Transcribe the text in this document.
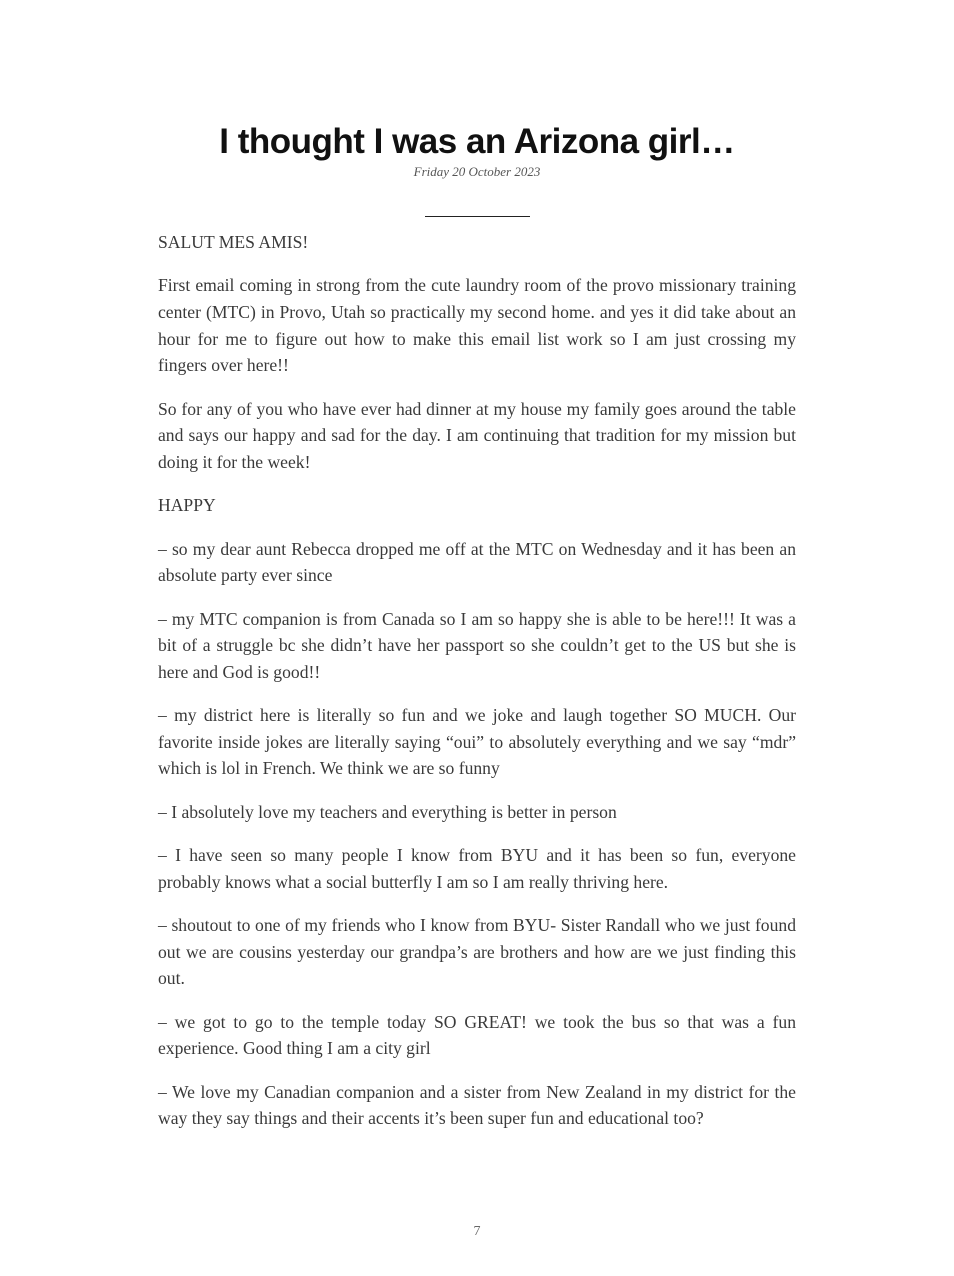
I thought I was an Arizona girl…
Friday 20 October 2023

SALUT MES AMIS!

First email coming in strong from the cute laundry room of the provo missionary training center (MTC) in Provo, Utah so practically my second home. and yes it did take about an hour for me to figure out how to make this email list work so I am just crossing my fingers over here!!

So for any of you who have ever had dinner at my house my family goes around the table and says our happy and sad for the day. I am continuing that tradition for my mission but doing it for the week!

HAPPY

– so my dear aunt Rebecca dropped me off at the MTC on Wednesday and it has been an absolute party ever since

– my MTC companion is from Canada so I am so happy she is able to be here!!! It was a bit of a struggle bc she didn’t have her passport so she couldn’t get to the US but she is here and God is good!!

– my district here is literally so fun and we joke and laugh together SO MUCH. Our favorite inside jokes are literally saying “oui” to absolutely everything and we say “mdr” which is lol in French. We think we are so funny

– I absolutely love my teachers and everything is better in person

– I have seen so many people I know from BYU and it has been so fun, everyone probably knows what a social butterfly I am so I am really thriving here.

– shoutout to one of my friends who I know from BYU- Sister Randall who we just found out we are cousins yesterday our grandpa’s are brothers and how are we just finding this out.

– we got to go to the temple today SO GREAT! we took the bus so that was a fun experience. Good thing I am a city girl

– We love my Canadian companion and a sister from New Zealand in my district for the way they say things and their accents it’s been super fun and educational too?

7
